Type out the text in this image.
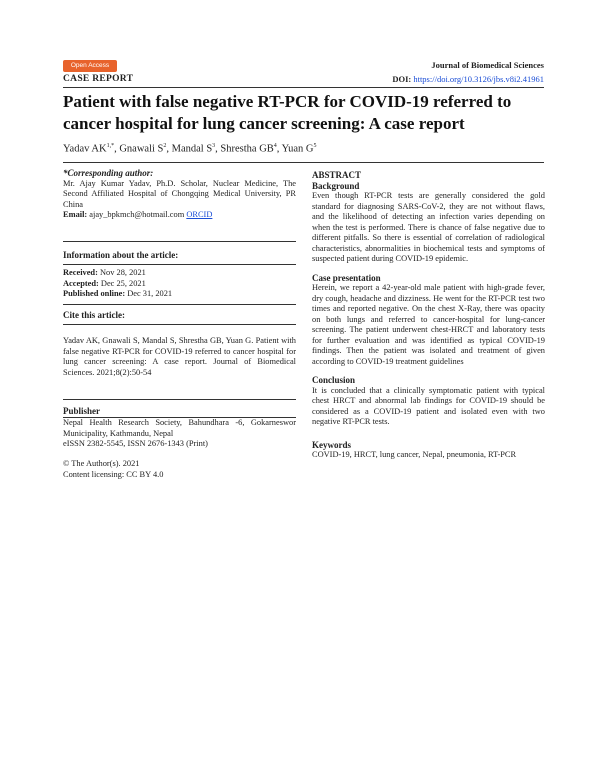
Open Access
CASE REPORT
Journal of Biomedical Sciences
DOI: https://doi.org/10.3126/jbs.v8i2.41961
Patient with false negative RT-PCR for COVID-19 referred to cancer hospital for lung cancer screening: A case report
Yadav $AK^{1,*}$, Gnawali $S^2$, Mandal $S^3$, Shrestha $GB^4$, Yuan $G^5$
*Corresponding author:
Mr. Ajay Kumar Yadav, Ph.D. Scholar, Nuclear Medicine, The Second Affiliated Hospital of Chongqing Medical University, PR China
Email: ajay_bpkmch@hotmail.com ORCID
Information about the article:
Received: Nov 28, 2021
Accepted: Dec 25, 2021
Published online: Dec 31, 2021
Cite this article:
Yadav AK, Gnawali S, Mandal S, Shrestha GB, Yuan G. Patient with false negative RT-PCR for COVID-19 referred to cancer hospital for lung cancer screening: A case report. Journal of Biomedical Sciences. 2021;8(2):50-54
Publisher
Nepal Health Research Society, Bahundhara -6, Gokarneswor Municipality, Kathmandu, Nepal
eISSN 2382-5545, ISSN 2676-1343 (Print)
© The Author(s). 2021
Content licensing: CC BY 4.0
ABSTRACT
Background
Even though RT-PCR tests are generally considered the gold standard for diagnosing SARS-CoV-2, they are not without flaws, and the likelihood of detecting an infection varies depending on when the test is performed. There is chance of false negative due to different pitfalls. So there is essential of correlation of radiological characteristics, abnormalities in biochemical tests and symptoms of suspected patient during COVID-19 epidemic.
Case presentation
Herein, we report a 42-year-old male patient with high-grade fever, dry cough, headache and dizziness. He went for the RT-PCR test two times and reported negative. On the chest X-Ray, there was opacity on both lungs and referred to cancer-hospital for lung-cancer screening. The patient underwent chest-HRCT and laboratory tests for further evaluation and was identified as typical COVID-19 findings. Then the patient was isolated and treatment of given according to COVID-19 treatment guidelines
Conclusion
It is concluded that a clinically symptomatic patient with typical chest HRCT and abnormal lab findings for COVID-19 should be considered as a COVID-19 patient and isolated even with two negative RT-PCR tests.
Keywords
COVID-19, HRCT, lung cancer, Nepal, pneumonia, RT-PCR
